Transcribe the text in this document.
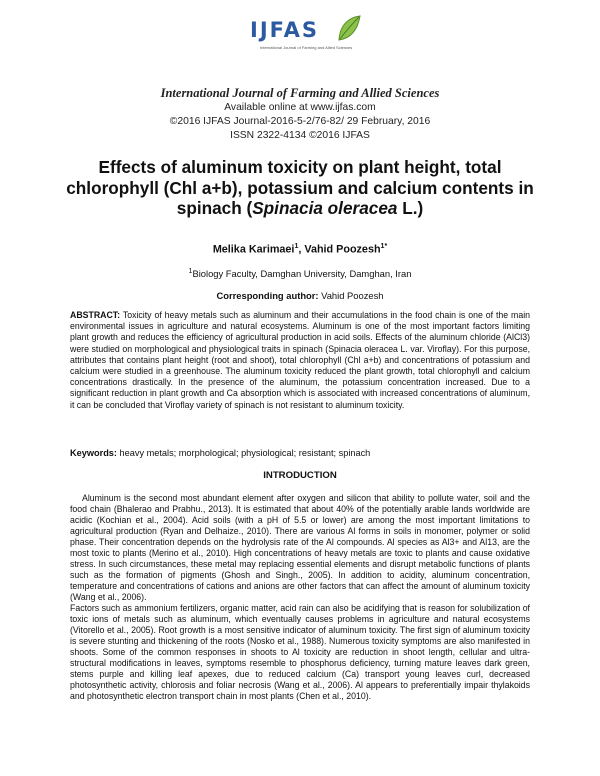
IJFAS
International Journal of Farming and Allied Sciences
International Journal of Farming and Allied Sciences
Available online at www.ijfas.com
©2016 IJFAS Journal-2016-5-2/76-82/ 29 February, 2016
ISSN 2322-4134 ©2016 IJFAS
Effects of aluminum toxicity on plant height, total chlorophyll (Chl a+b), potassium and calcium contents in spinach (Spinacia oleracea L.)
Melika Karimaei$^1$, Vahid Poozesh$^{1*}$
$^1$Biology Faculty, Damghan University, Damghan, Iran
Corresponding author: Vahid Poozesh

ABSTRACT: Toxicity of heavy metals such as aluminum and their accumulations in the food chain is one of the main environmental issues in agriculture and natural ecosystems. Aluminum is one of the most important factors limiting plant growth and reduces the efficiency of agricultural production in acid soils. Effects of the aluminum chloride (AlCl3) were studied on morphological and physiological traits in spinach (Spinacia oleracea L. var. Viroflay). For this purpose, attributes that contains plant height (root and shoot), total chlorophyll (Chl a+b) and concentrations of potassium and calcium were studied in a greenhouse. The aluminum toxicity reduced the plant growth, total chlorophyll and calcium concentrations drastically. In the presence of the aluminum, the potassium concentration increased. Due to a significant reduction in plant growth and Ca absorption which is associated with increased concentrations of aluminum, it can be concluded that Viroflay variety of spinach is not resistant to aluminum toxicity.

Keywords: heavy metals; morphological; physiological; resistant; spinach

INTRODUCTION

Aluminum is the second most abundant element after oxygen and silicon that ability to pollute water, soil and the food chain (Bhalerao and Prabhu., 2013). It is estimated that about 40% of the potentially arable lands worldwide are acidic (Kochian et al., 2004). Acid soils (with a pH of 5.5 or lower) are among the most important limitations to agricultural production (Ryan and Delhaize., 2010). There are various Al forms in soils in monomer, polymer or solid phase. Their concentration depends on the hydrolysis rate of the Al compounds. Al species as Al3+ and Al13, are the most toxic to plants (Merino et al., 2010). High concentrations of heavy metals are toxic to plants and cause oxidative stress. In such circumstances, these metal may replacing essential elements and disrupt metabolic functions of plants such as the formation of pigments (Ghosh and Singh., 2005). In addition to acidity, aluminum concentration, temperature and concentrations of cations and anions are other factors that can affect the amount of aluminum toxicity (Wang et al., 2006).

Factors such as ammonium fertilizers, organic matter, acid rain can also be acidifying that is reason for solubilization of toxic ions of metals such as aluminum, which eventually causes problems in agriculture and natural ecosystems (Vitorello et al., 2005). Root growth is a most sensitive indicator of aluminum toxicity. The first sign of aluminum toxicity is severe stunting and thickening of the roots (Nosko et al., 1988). Numerous toxicity symptoms are also manifested in shoots. Some of the common responses in shoots to Al toxicity are reduction in shoot length, cellular and ultra-structural modifications in leaves, symptoms resemble to phosphorus deficiency, turning mature leaves dark green, stems purple and killing leaf apexes, due to reduced calcium (Ca) transport young leaves curl, decreased photosynthetic activity, chlorosis and foliar necrosis (Wang et al., 2006). Al appears to preferentially impair thylakoids and photosynthetic electron transport chain in most plants (Chen et al., 2010).
